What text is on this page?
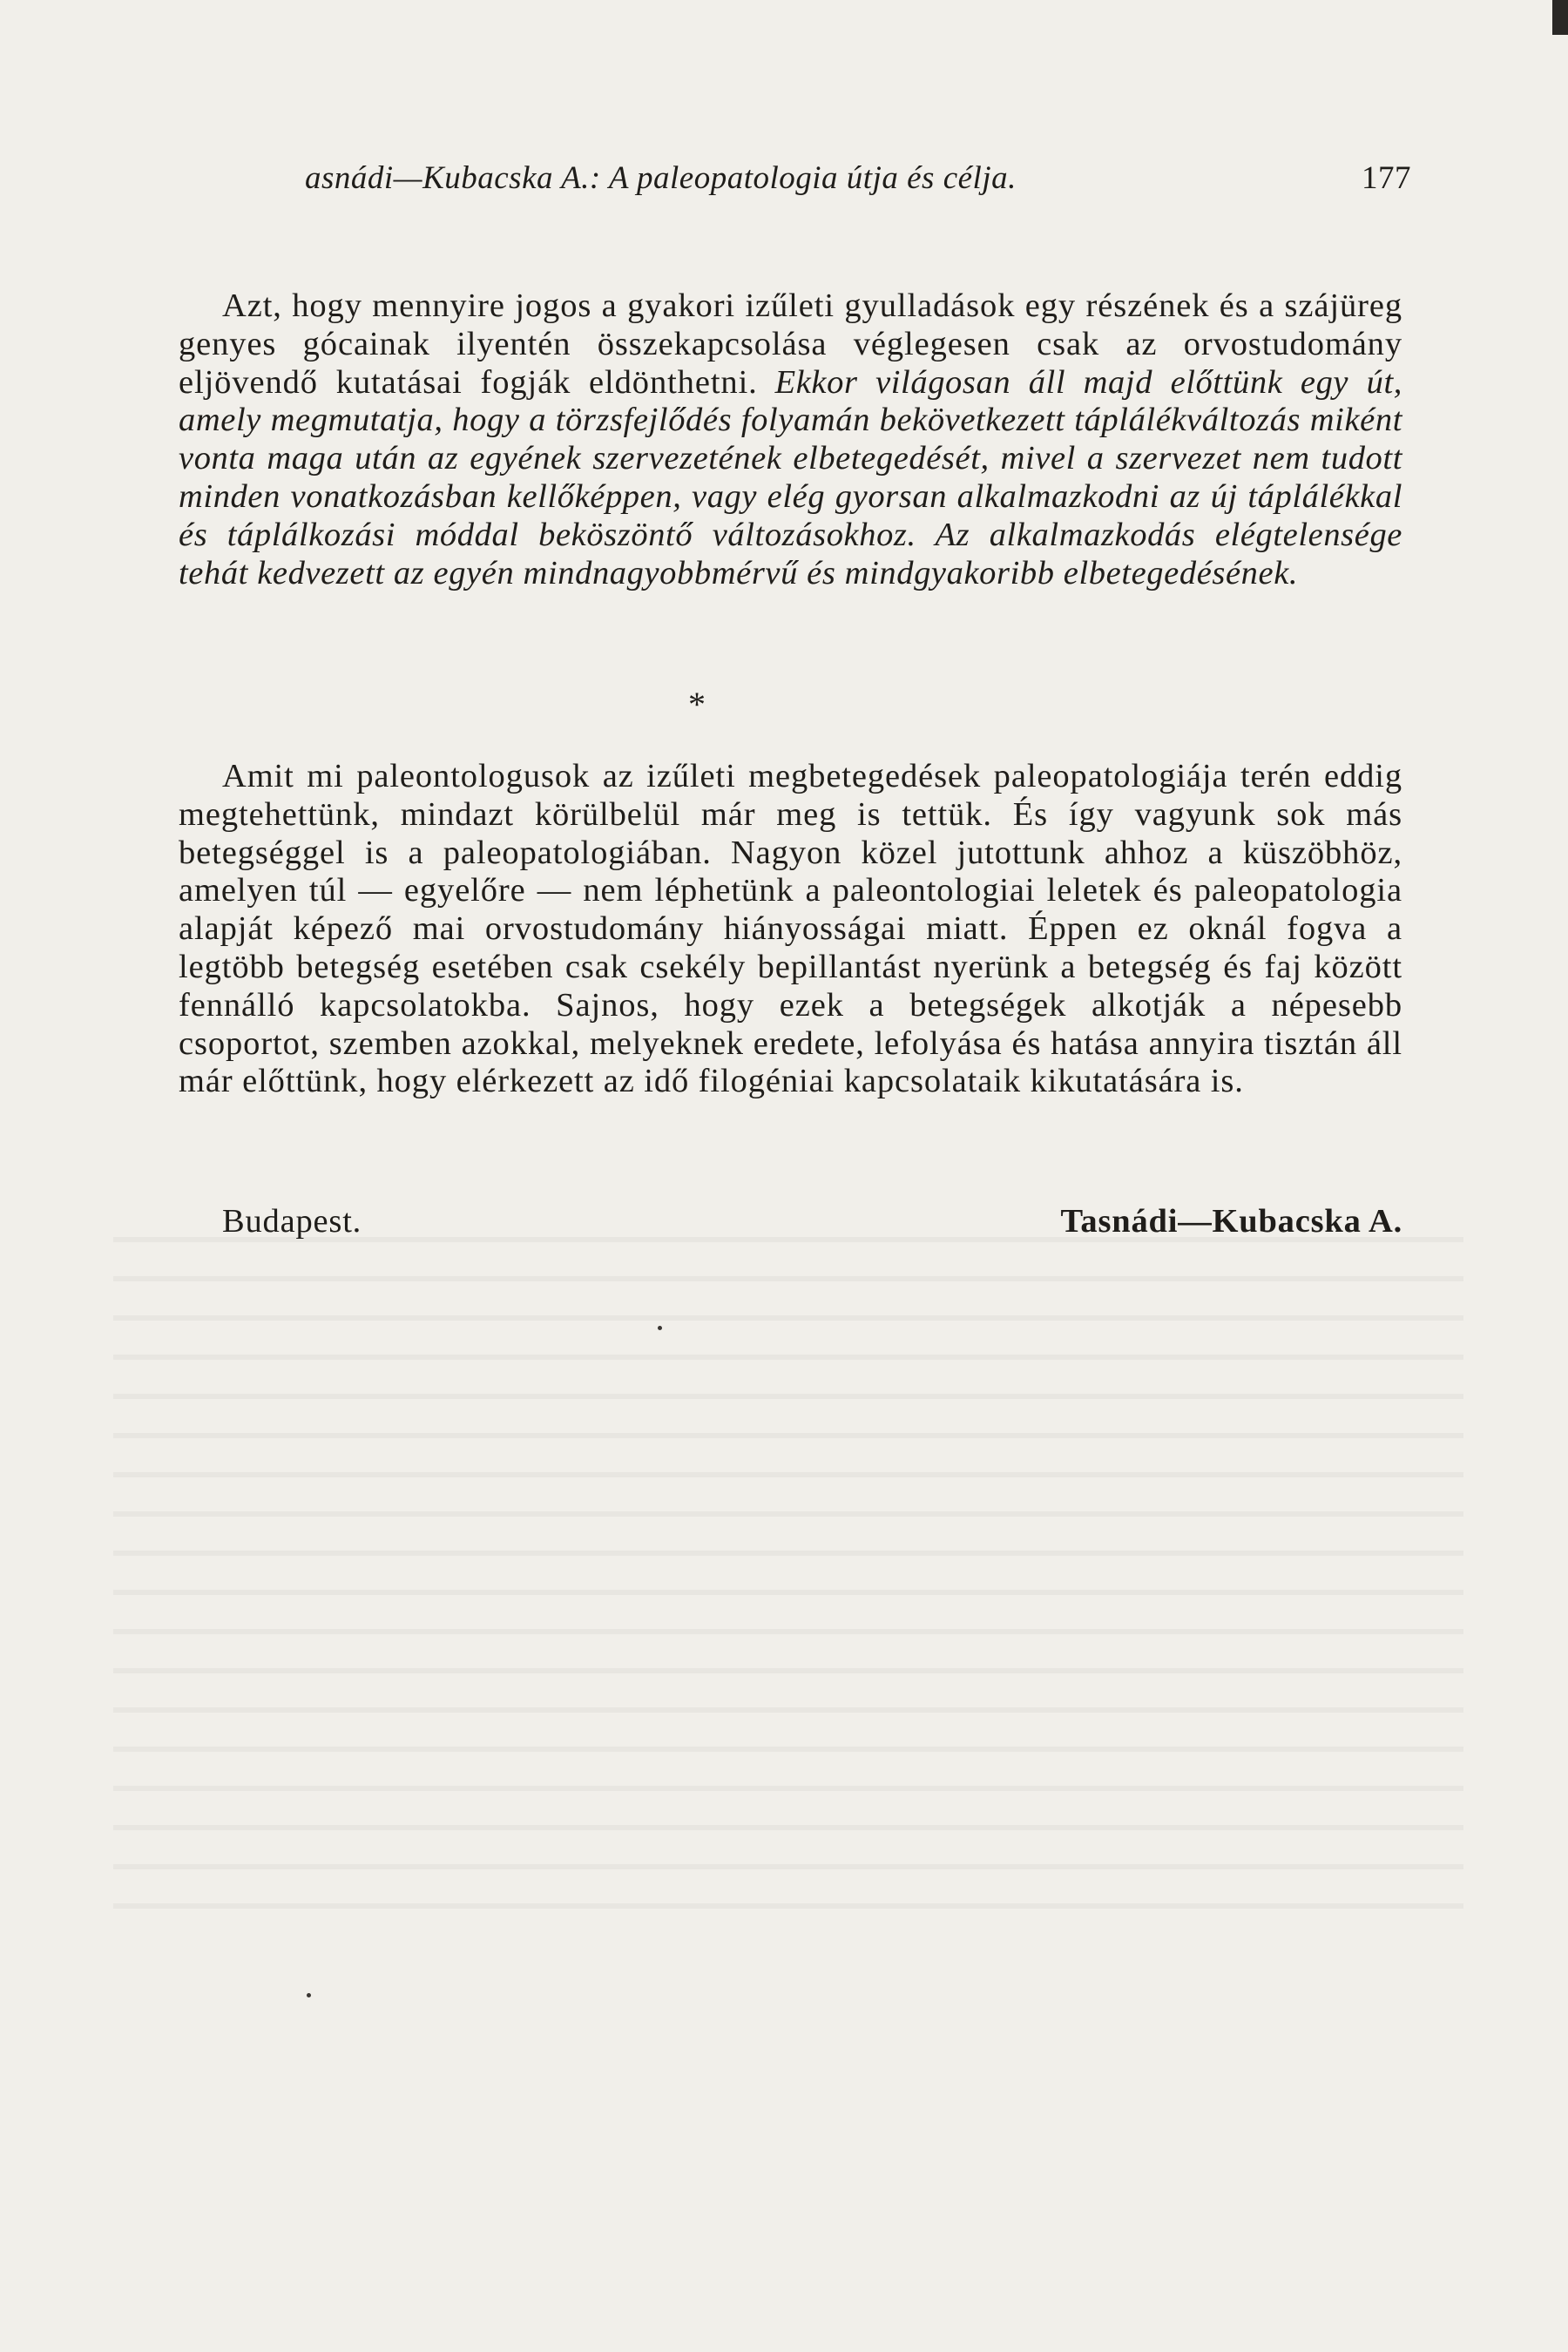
asnádi—Kubacska A.: A paleopatologia útja és célja.	177
Azt, hogy mennyire jogos a gyakori izűleti gyulladások egy részének és a szájüreg genyes gócainak ilyentén összekapcsolása véglegesen csak az orvostudomány eljövendő kutatásai fogják eldönthetni. Ekkor világosan áll majd előttünk egy út, amely megmutatja, hogy a törzsfejlődés folyamán bekövetkezett táplálékváltozás miként vonta maga után az egyének szervezetének elbetegedését, mivel a szervezet nem tudott minden vonatkozásban kellőképpen, vagy elég gyorsan alkalmazkodni az új táplálékkal és táplálkozási móddal beköszöntő változásokhoz. Az alkalmazkodás elégtelensége tehát kedvezett az egyén mindnagyobbmérvű és mindgyakoribb elbetegedésének.
*
Amit mi paleontologusok az izűleti megbetegedések paleopatologiája terén eddig megtehettünk, mindazt körülbelül már meg is tettük. És így vagyunk sok más betegséggel is a paleopatologiában. Nagyon közel jutottunk ahhoz a küszöbhöz, amelyen túl — egyelőre — nem léphetünk a paleontologiai leletek és paleopatologia alapját képező mai orvostudomány hiányosságai miatt. Éppen ez oknál fogva a legtöbb betegség esetében csak csekély bepillantást nyerünk a betegség és faj között fennálló kapcsolatokba. Sajnos, hogy ezek a betegségek alkotják a népesebb csoportot, szemben azokkal, melyeknek eredete, lefolyása és hatása annyira tisztán áll már előttünk, hogy elérkezett az idő filogéniai kapcsolataik kikutatására is.
Budapest.	Tasnádi—Kubacska A.
